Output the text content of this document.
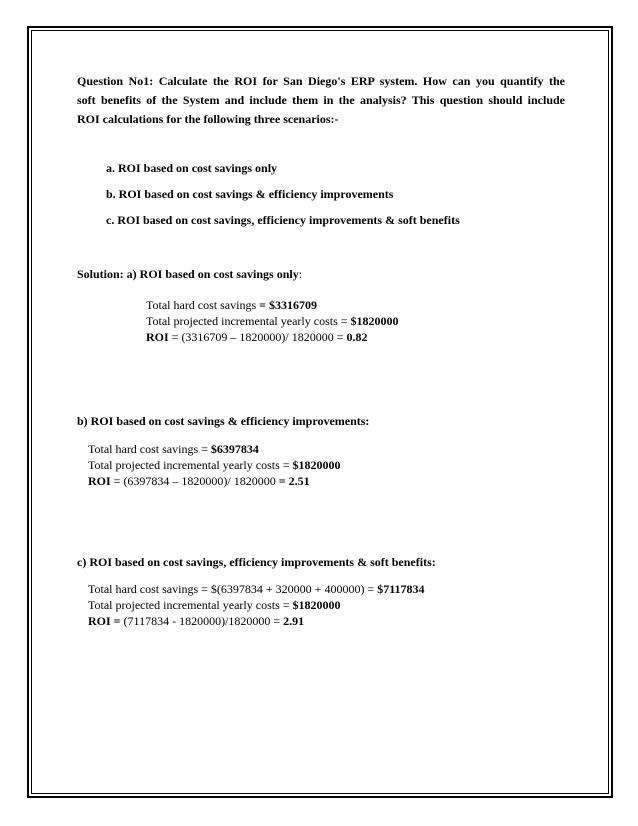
Question No1: Calculate the ROI for San Diego's ERP system. How can you quantify the
soft benefits of the System and include them in the analysis? This question should include
ROI calculations for the following three scenarios:-
a. ROI based on cost savings only
b. ROI based on cost savings & efficiency improvements
c. ROI based on cost savings, efficiency improvements & soft benefits
Solution: a) ROI based on cost savings only:
Total hard cost savings = $3316709
Total projected incremental yearly costs = $1820000
ROI = (3316709 – 1820000)/ 1820000 = 0.82
b) ROI based on cost savings & efficiency improvements:
Total hard cost savings = $6397834
Total projected incremental yearly costs = $1820000
ROI = (6397834 – 1820000)/ 1820000 = 2.51
c) ROI based on cost savings, efficiency improvements & soft benefits:
Total hard cost savings = $(6397834 + 320000 + 400000) = $7117834
Total projected incremental yearly costs = $1820000
ROI = (7117834 - 1820000)/1820000 = 2.91
